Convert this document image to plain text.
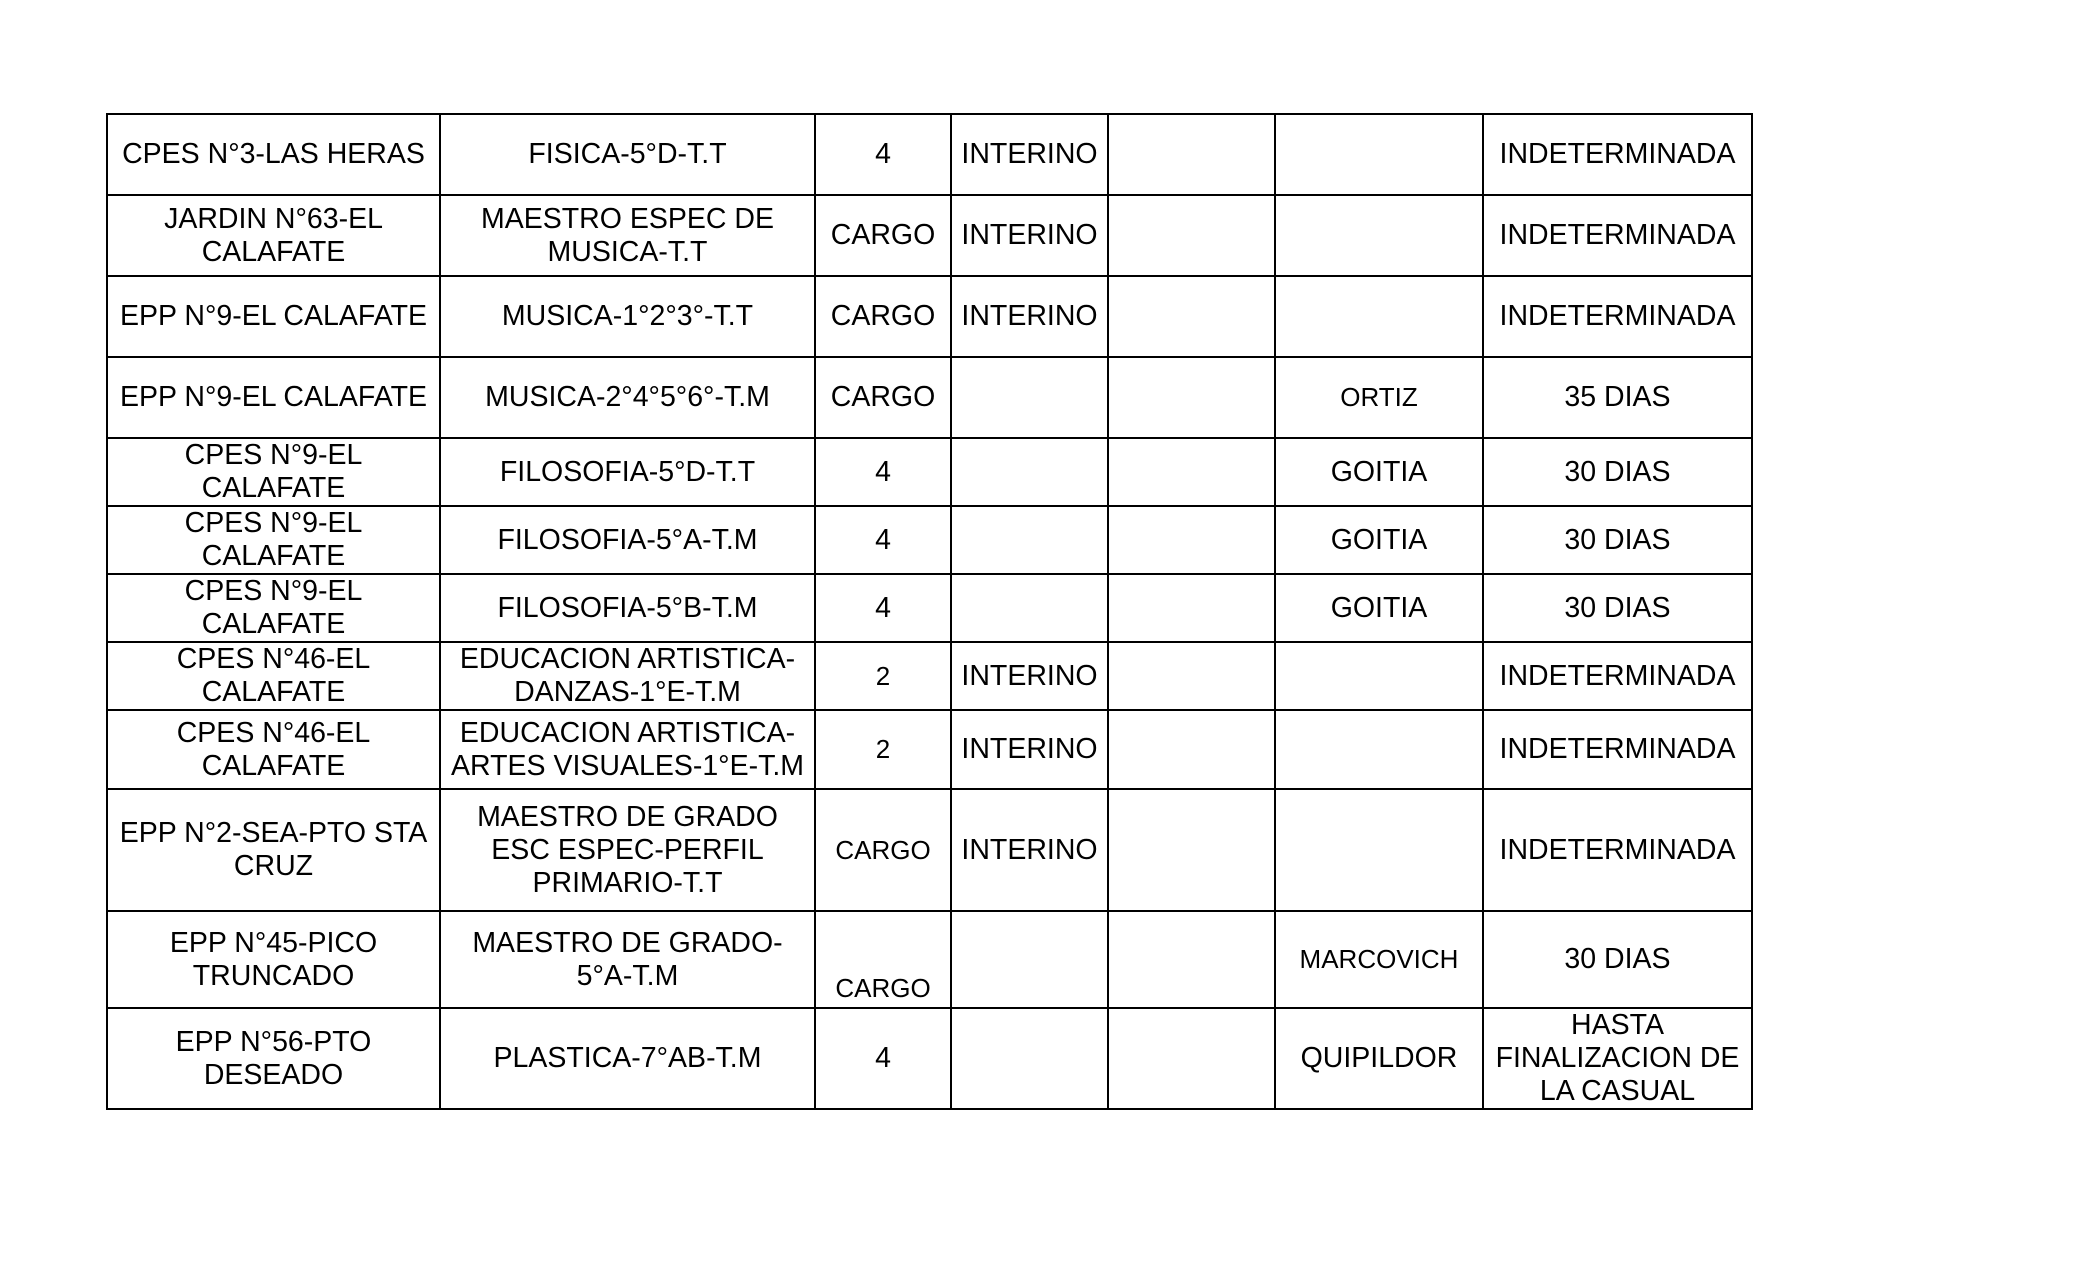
CPES N°3-LAS HERAS	FISICA-5°D-T.T	4	INTERINO			INDETERMINADA
JARDIN N°63-EL CALAFATE	MAESTRO ESPEC DE MUSICA-T.T	CARGO	INTERINO			INDETERMINADA
EPP N°9-EL CALAFATE	MUSICA-1°2°3°-T.T	CARGO	INTERINO			INDETERMINADA
EPP N°9-EL CALAFATE	MUSICA-2°4°5°6°-T.M	CARGO			ORTIZ	35 DIAS
CPES N°9-EL CALAFATE	FILOSOFIA-5°D-T.T	4			GOITIA	30 DIAS
CPES N°9-EL CALAFATE	FILOSOFIA-5°A-T.M	4			GOITIA	30 DIAS
CPES N°9-EL CALAFATE	FILOSOFIA-5°B-T.M	4			GOITIA	30 DIAS
CPES N°46-EL CALAFATE	EDUCACION ARTISTICA-DANZAS-1°E-T.M	2	INTERINO			INDETERMINADA
CPES N°46-EL CALAFATE	EDUCACION ARTISTICA-ARTES VISUALES-1°E-T.M	2	INTERINO			INDETERMINADA
EPP N°2-SEA-PTO STA CRUZ	MAESTRO DE GRADO ESC ESPEC-PERFIL PRIMARIO-T.T	CARGO	INTERINO			INDETERMINADA
EPP N°45-PICO TRUNCADO	MAESTRO DE GRADO-5°A-T.M	CARGO			MARCOVICH	30 DIAS
EPP N°56-PTO DESEADO	PLASTICA-7°AB-T.M	4			QUIPILDOR	HASTA FINALIZACION DE LA CASUAL
